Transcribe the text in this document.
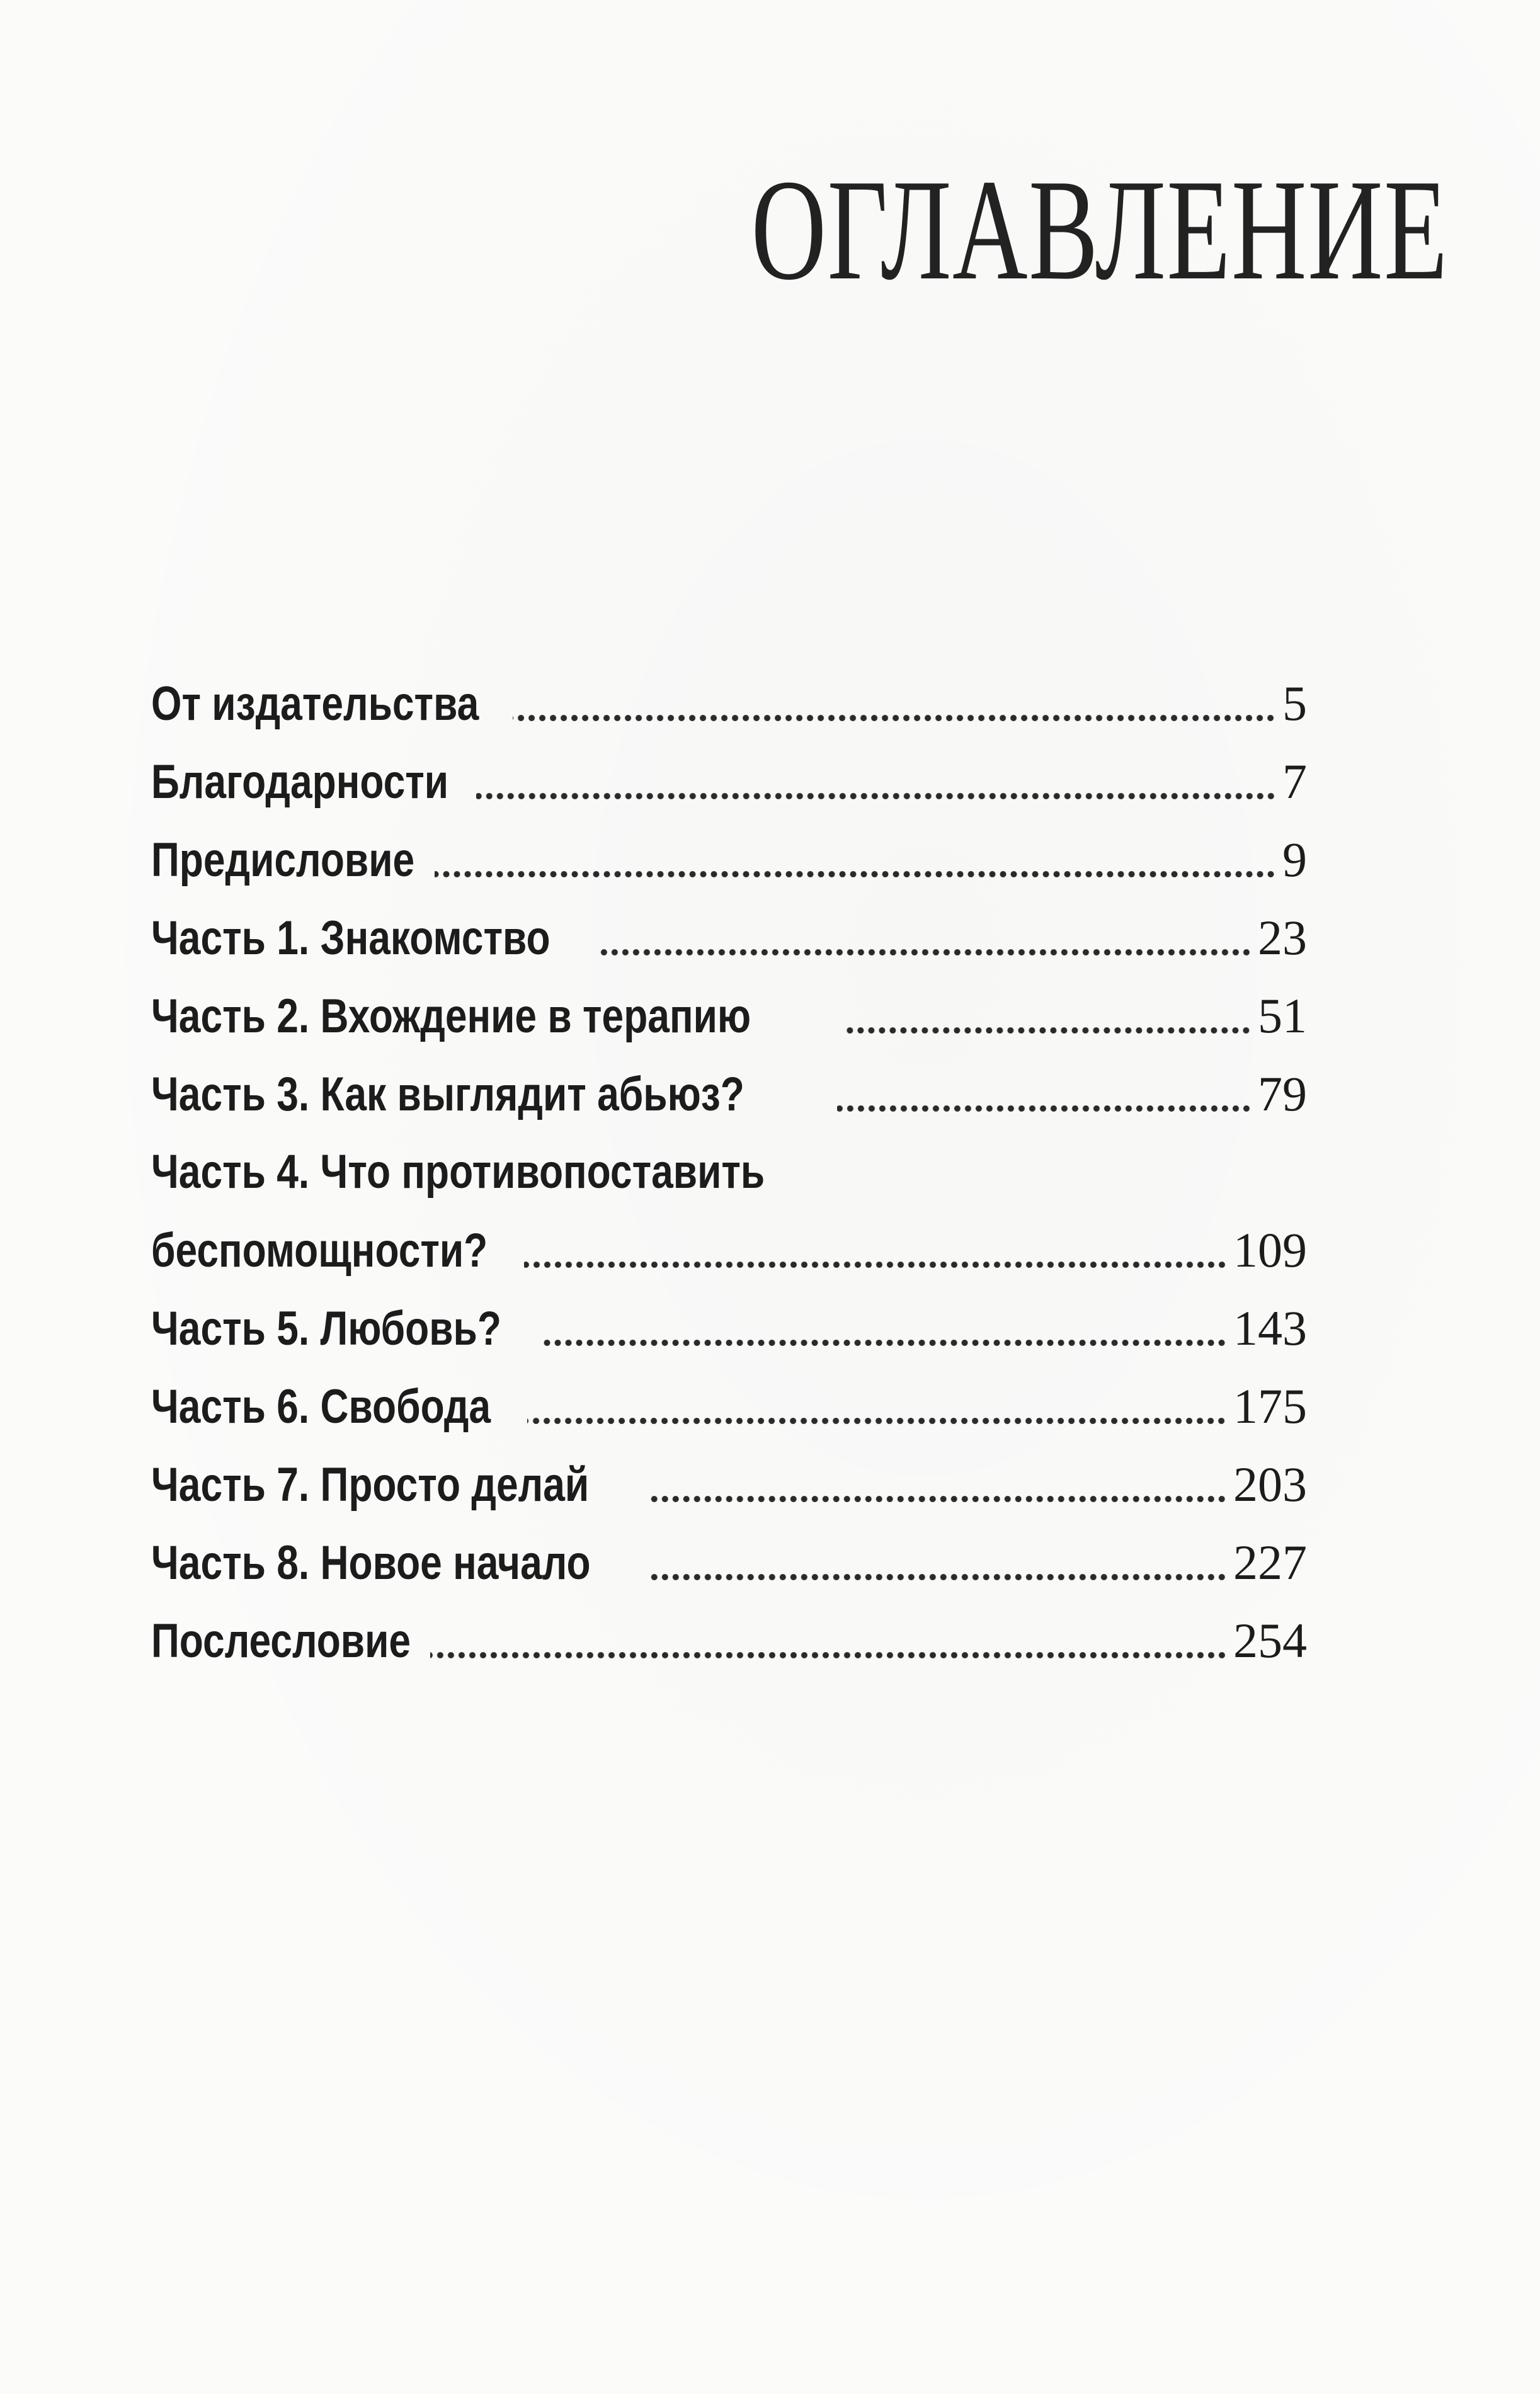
ОГЛАВЛЕНИЕ
От издательства	5
Благодарности	7
Предисловие	9
Часть 1. Знакомство	23
Часть 2. Вхождение в терапию	51
Часть 3. Как выглядит абьюз?	79
Часть 4. Что противопоставить
беспомощности?	109
Часть 5. Любовь?	143
Часть 6. Свобода	175
Часть 7. Просто делай	203
Часть 8. Новое начало	227
Послесловие	254
